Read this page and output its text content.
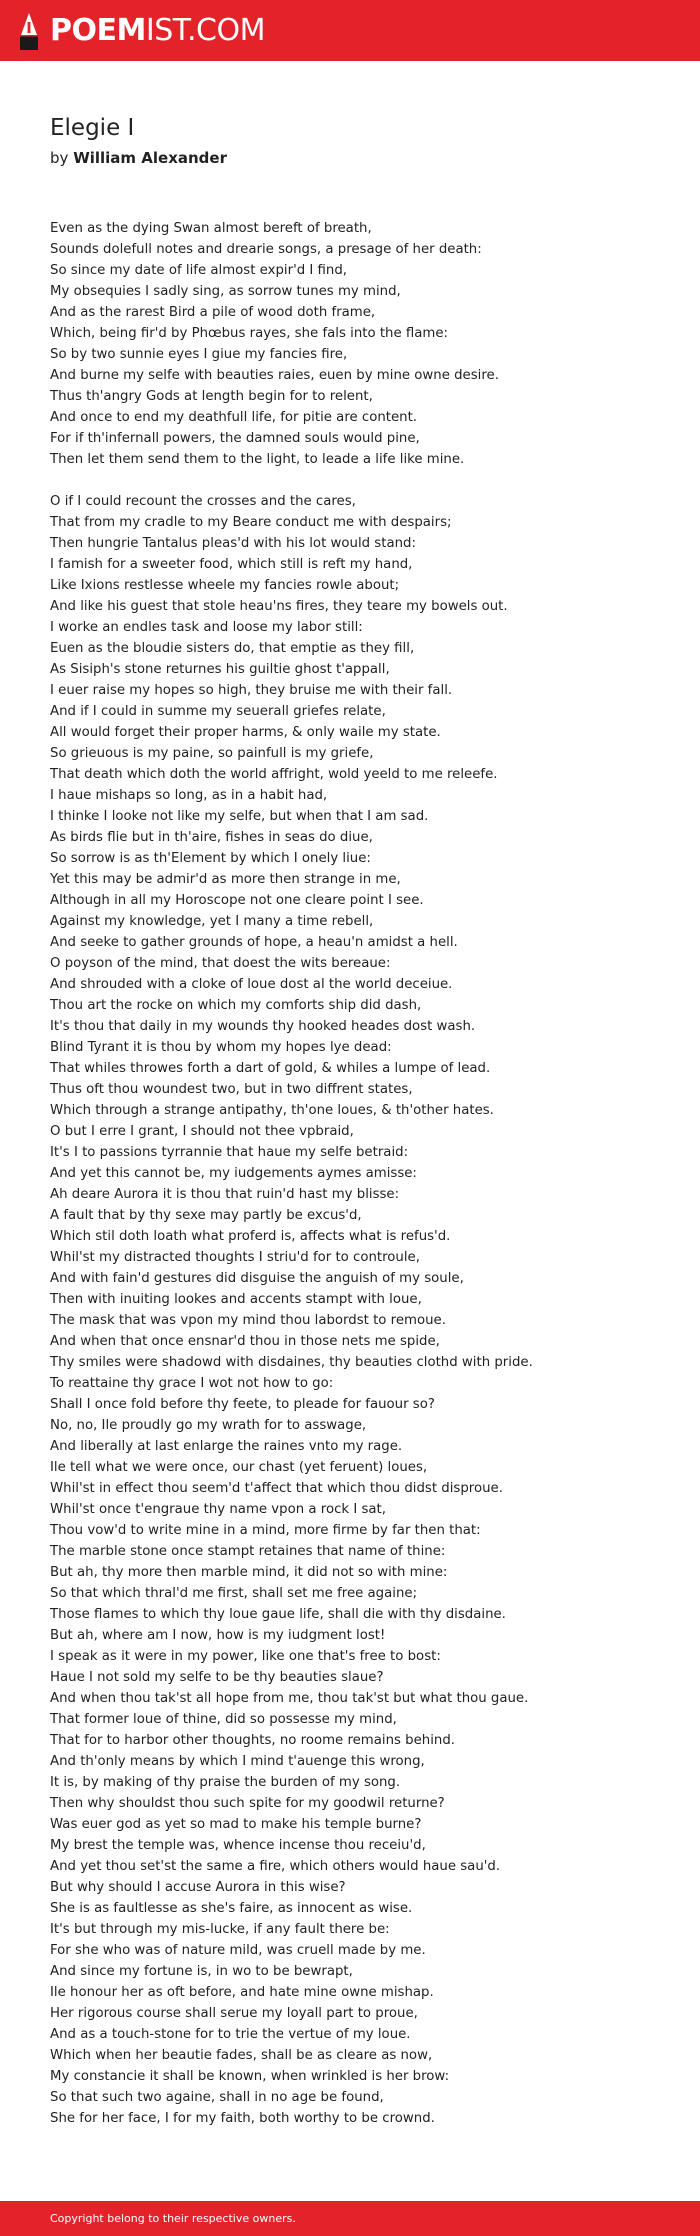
POEMIST.COM
Elegie I
by William Alexander
Even as the dying Swan almost bereft of breath,
Sounds dolefull notes and drearie songs, a presage of her death:
So since my date of life almost expir'd I find,
My obsequies I sadly sing, as sorrow tunes my mind,
And as the rarest Bird a pile of wood doth frame,
Which, being fir'd by Phœbus rayes, she fals into the flame:
So by two sunnie eyes I giue my fancies fire,
And burne my selfe with beauties raies, euen by mine owne desire.
Thus th'angry Gods at length begin for to relent,
And once to end my deathfull life, for pitie are content.
For if th'infernall powers, the damned souls would pine,
Then let them send them to the light, to leade a life like mine.
O if I could recount the crosses and the cares,
That from my cradle to my Beare conduct me with despairs;
Then hungrie Tantalus pleas'd with his lot would stand:
I famish for a sweeter food, which still is reft my hand,
Like Ixions restlesse wheele my fancies rowle about;
And like his guest that stole heau'ns fires, they teare my bowels out.
I worke an endles task and loose my labor still:
Euen as the bloudie sisters do, that emptie as they fill,
As Sisiph's stone returnes his guiltie ghost t'appall,
I euer raise my hopes so high, they bruise me with their fall.
And if I could in summe my seuerall griefes relate,
All would forget their proper harms, & only waile my state.
So grieuous is my paine, so painfull is my griefe,
That death which doth the world affright, wold yeeld to me releefe.
I haue mishaps so long, as in a habit had,
I thinke I looke not like my selfe, but when that I am sad.
As birds flie but in th'aire, fishes in seas do diue,
So sorrow is as th'Element by which I onely liue:
Yet this may be admir'd as more then strange in me,
Although in all my Horoscope not one cleare point I see.
Against my knowledge, yet I many a time rebell,
And seeke to gather grounds of hope, a heau'n amidst a hell.
O poyson of the mind, that doest the wits bereaue:
And shrouded with a cloke of loue dost al the world deceiue.
Thou art the rocke on which my comforts ship did dash,
It's thou that daily in my wounds thy hooked heades dost wash.
Blind Tyrant it is thou by whom my hopes lye dead:
That whiles throwes forth a dart of gold, & whiles a lumpe of lead.
Thus oft thou woundest two, but in two diffrent states,
Which through a strange antipathy, th'one loues, & th'other hates.
O but I erre I grant, I should not thee vpbraid,
It's I to passions tyrrannie that haue my selfe betraid:
And yet this cannot be, my iudgements aymes amisse:
Ah deare Aurora it is thou that ruin'd hast my blisse:
A fault that by thy sexe may partly be excus'd,
Which stil doth loath what proferd is, affects what is refus'd.
Whil'st my distracted thoughts I striu'd for to controule,
And with fain'd gestures did disguise the anguish of my soule,
Then with inuiting lookes and accents stampt with loue,
The mask that was vpon my mind thou labordst to remoue.
And when that once ensnar'd thou in those nets me spide,
Thy smiles were shadowd with disdaines, thy beauties clothd with pride.
To reattaine thy grace I wot not how to go:
Shall I once fold before thy feete, to pleade for fauour so?
No, no, Ile proudly go my wrath for to asswage,
And liberally at last enlarge the raines vnto my rage.
Ile tell what we were once, our chast (yet feruent) loues,
Whil'st in effect thou seem'd t'affect that which thou didst disproue.
Whil'st once t'engraue thy name vpon a rock I sat,
Thou vow'd to write mine in a mind, more firme by far then that:
The marble stone once stampt retaines that name of thine:
But ah, thy more then marble mind, it did not so with mine:
So that which thral'd me first, shall set me free againe;
Those flames to which thy loue gaue life, shall die with thy disdaine.
But ah, where am I now, how is my iudgment lost!
I speak as it were in my power, like one that's free to bost:
Haue I not sold my selfe to be thy beauties slaue?
And when thou tak'st all hope from me, thou tak'st but what thou gaue.
That former loue of thine, did so possesse my mind,
That for to harbor other thoughts, no roome remains behind.
And th'only means by which I mind t'auenge this wrong,
It is, by making of thy praise the burden of my song.
Then why shouldst thou such spite for my goodwil returne?
Was euer god as yet so mad to make his temple burne?
My brest the temple was, whence incense thou receiu'd,
And yet thou set'st the same a fire, which others would haue sau'd.
But why should I accuse Aurora in this wise?
She is as faultlesse as she's faire, as innocent as wise.
It's but through my mis-lucke, if any fault there be:
For she who was of nature mild, was cruell made by me.
And since my fortune is, in wo to be bewrapt,
Ile honour her as oft before, and hate mine owne mishap.
Her rigorous course shall serue my loyall part to proue,
And as a touch-stone for to trie the vertue of my loue.
Which when her beautie fades, shall be as cleare as now,
My constancie it shall be known, when wrinkled is her brow:
So that such two againe, shall in no age be found,
She for her face, I for my faith, both worthy to be crownd.
Copyright belong to their respective owners.
